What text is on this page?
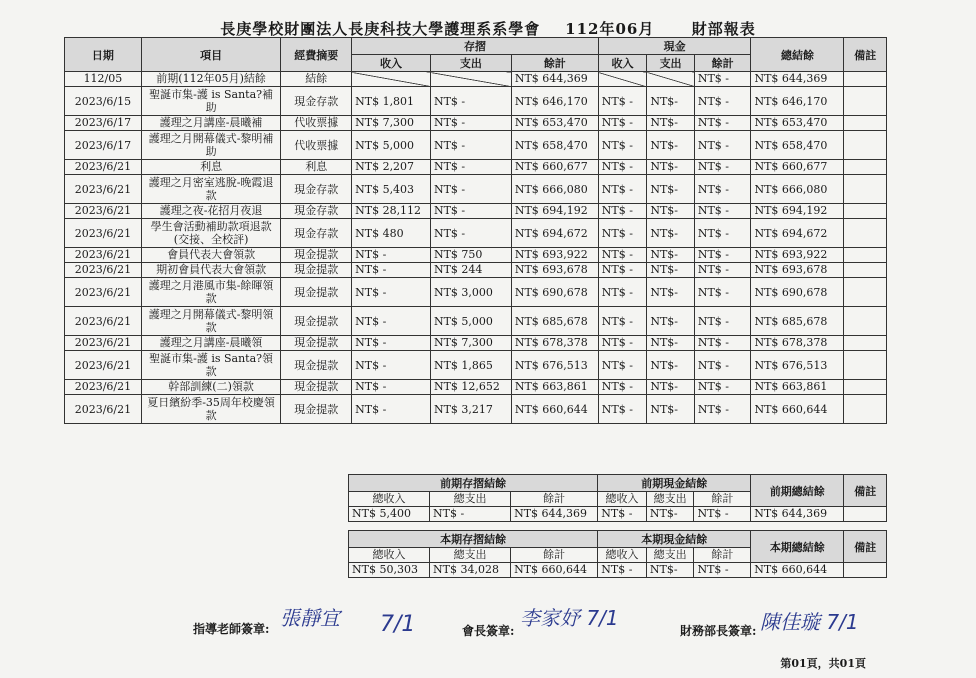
長庚學校財團法人長庚科技大學護理系系學會    112年06月      財部報表
日期	項目	經費摘要	存摺			現金			總結餘	備註
			收入	支出	餘計	收入	支出	餘計		
112/05	前期(112年05月)結餘	結餘			NT$ 644,369			NT$ -	NT$ 644,369	
2023/6/15	聖誕市集-護 is Santa?補助	現金存款	NT$ 1,801	NT$ -	NT$ 646,170	NT$ -	NT$-	NT$ -	NT$ 646,170	
2023/6/17	護理之月講座-晨曦補	代收票據	NT$ 7,300	NT$ -	NT$ 653,470	NT$ -	NT$-	NT$ -	NT$ 653,470	
2023/6/17	護理之月開幕儀式-黎明補助	代收票據	NT$ 5,000	NT$ -	NT$ 658,470	NT$ -	NT$-	NT$ -	NT$ 658,470	
2023/6/21	利息	利息	NT$ 2,207	NT$ -	NT$ 660,677	NT$ -	NT$-	NT$ -	NT$ 660,677	
2023/6/21	護理之月密室逃脫-晚霞退款	現金存款	NT$ 5,403	NT$ -	NT$ 666,080	NT$ -	NT$-	NT$ -	NT$ 666,080	
2023/6/21	護理之夜-花招月夜退	現金存款	NT$ 28,112	NT$ -	NT$ 694,192	NT$ -	NT$-	NT$ -	NT$ 694,192	
2023/6/21	學生會活動補助款項退款 (交接、全校評)	現金存款	NT$ 480	NT$ -	NT$ 694,672	NT$ -	NT$-	NT$ -	NT$ 694,672	
2023/6/21	會員代表大會領款	現金提款	NT$ -	NT$ 750	NT$ 693,922	NT$ -	NT$-	NT$ -	NT$ 693,922	
2023/6/21	期初會員代表大會領款	現金提款	NT$ -	NT$ 244	NT$ 693,678	NT$ -	NT$-	NT$ -	NT$ 693,678	
2023/6/21	護理之月港風市集-餘暉領款	現金提款	NT$ -	NT$ 3,000	NT$ 690,678	NT$ -	NT$-	NT$ -	NT$ 690,678	
2023/6/21	護理之月開幕儀式-黎明領款	現金提款	NT$ -	NT$ 5,000	NT$ 685,678	NT$ -	NT$-	NT$ -	NT$ 685,678	
2023/6/21	護理之月講座-晨曦領	現金提款	NT$ -	NT$ 7,300	NT$ 678,378	NT$ -	NT$-	NT$ -	NT$ 678,378	
2023/6/21	聖誕市集-護 is Santa?領款	現金提款	NT$ -	NT$ 1,865	NT$ 676,513	NT$ -	NT$-	NT$ -	NT$ 676,513	
2023/6/21	幹部訓練(二)領款	現金提款	NT$ -	NT$ 12,652	NT$ 663,861	NT$ -	NT$-	NT$ -	NT$ 663,861	
2023/6/21	夏日繽紛季-35周年校慶領款	現金提款	NT$ -	NT$ 3,217	NT$ 660,644	NT$ -	NT$-	NT$ -	NT$ 660,644	
前期存摺結餘			前期現金結餘			前期總結餘	備註
總收入	總支出	餘計	總收入	總支出	餘計		
NT$ 5,400	NT$ -	NT$ 644,369	NT$ -	NT$-	NT$ -	NT$ 644,369	

本期存摺結餘			本期現金結餘			本期總結餘	備註
總收入	總支出	餘計	總收入	總支出	餘計		
NT$ 50,303	NT$ 34,028	NT$ 660,644	NT$ -	NT$-	NT$ -	NT$ 660,644	
指導老師簽章: 張靜宜 7/1	會長簽章:
李家妤 7/1
財務部長簽章: 陳佳璇 7/1
第01頁，共01頁
